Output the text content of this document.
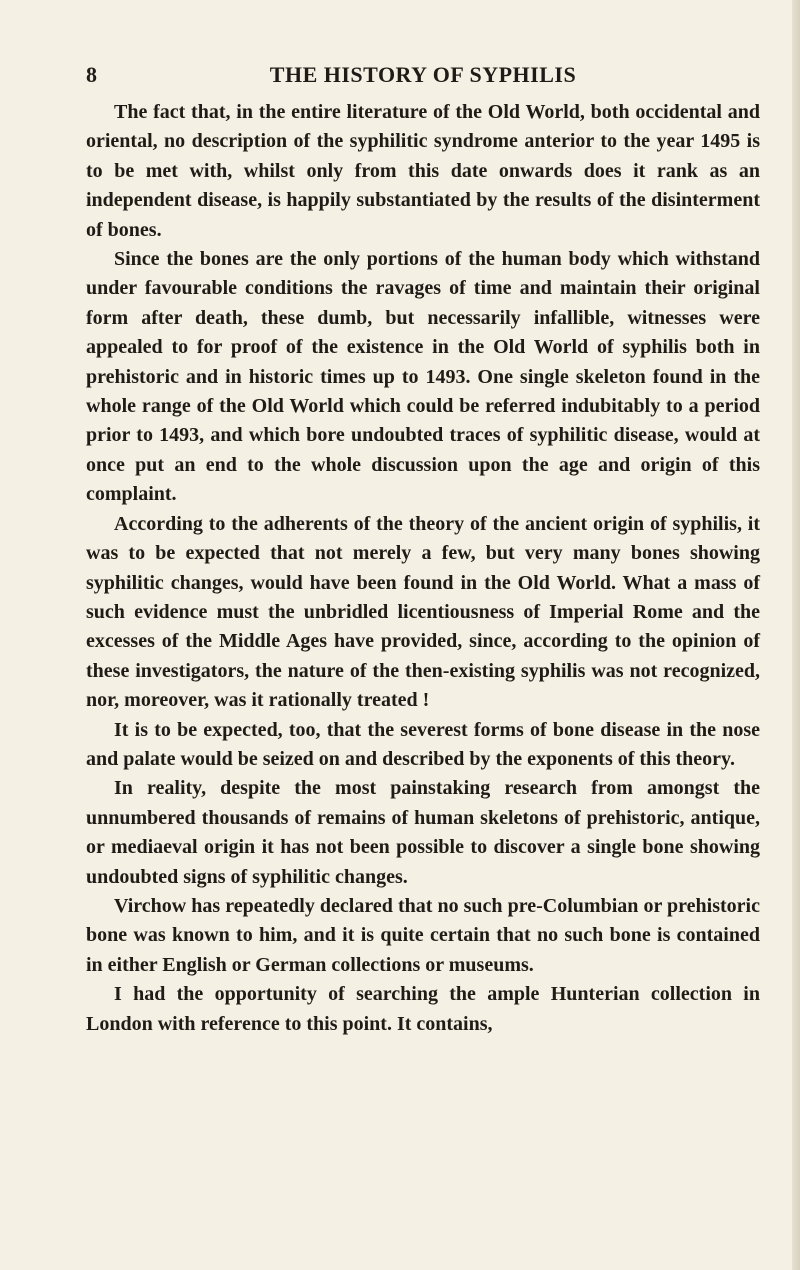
8	THE HISTORY OF SYPHILIS

The fact that, in the entire literature of the Old World, both occidental and oriental, no description of the syphilitic syndrome anterior to the year 1495 is to be met with, whilst only from this date onwards does it rank as an independent disease, is happily substantiated by the results of the disinterment of bones.

Since the bones are the only portions of the human body which withstand under favourable conditions the ravages of time and maintain their original form after death, these dumb, but necessarily infallible, witnesses were appealed to for proof of the existence in the Old World of syphilis both in prehistoric and in historic times up to 1493. One single skeleton found in the whole range of the Old World which could be referred indubitably to a period prior to 1493, and which bore undoubted traces of syphilitic disease, would at once put an end to the whole discussion upon the age and origin of this complaint.

According to the adherents of the theory of the ancient origin of syphilis, it was to be expected that not merely a few, but very many bones showing syphilitic changes, would have been found in the Old World. What a mass of such evidence must the unbridled licentiousness of Imperial Rome and the excesses of the Middle Ages have provided, since, according to the opinion of these investigators, the nature of the then-existing syphilis was not recognized, nor, moreover, was it rationally treated !

It is to be expected, too, that the severest forms of bone disease in the nose and palate would be seized on and described by the exponents of this theory.

In reality, despite the most painstaking research from amongst the unnumbered thousands of remains of human skeletons of prehistoric, antique, or mediaeval origin it has not been possible to discover a single bone showing undoubted signs of syphilitic changes.

Virchow has repeatedly declared that no such pre-Columbian or prehistoric bone was known to him, and it is quite certain that no such bone is contained in either English or German collections or museums.

I had the opportunity of searching the ample Hunterian collection in London with reference to this point. It contains,
